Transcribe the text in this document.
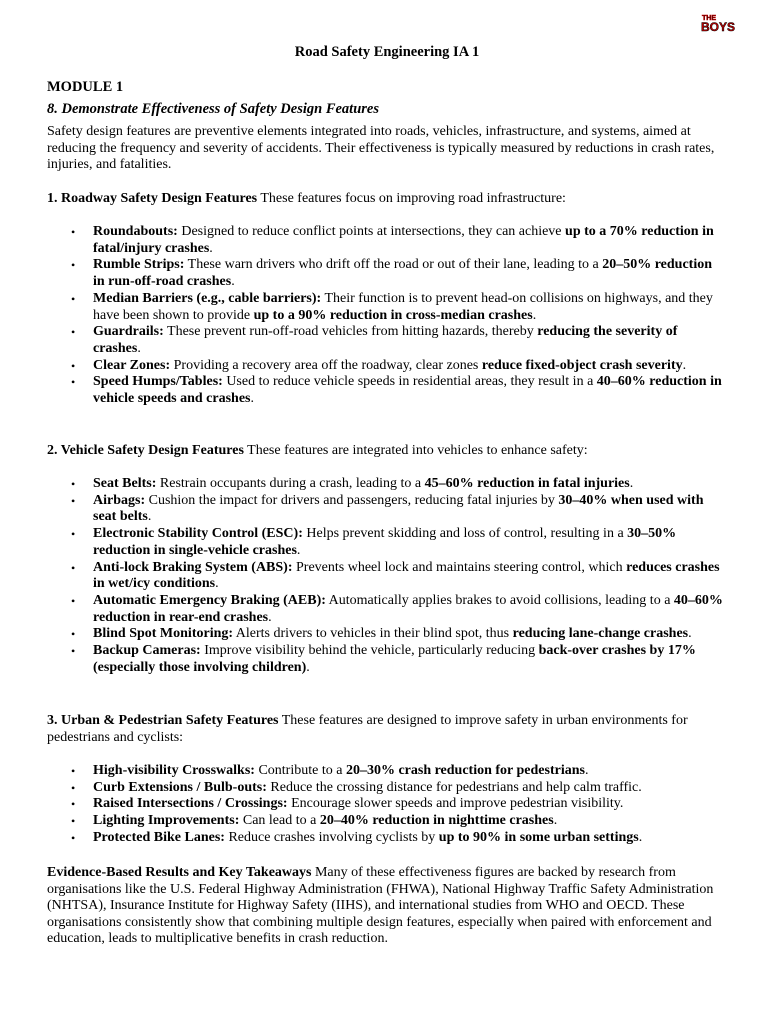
THE
BOYS
Road Safety Engineering IA 1
MODULE 1
8. Demonstrate Effectiveness of Safety Design Features
Safety design features are preventive elements integrated into roads, vehicles, infrastructure, and systems, aimed at reducing the frequency and severity of accidents. Their effectiveness is typically measured by reductions in crash rates, injuries, and fatalities.
1. Roadway Safety Design Features These features focus on improving road infrastructure:
• Roundabouts: Designed to reduce conflict points at intersections, they can achieve up to a 70% reduction in fatal/injury crashes.
• Rumble Strips: These warn drivers who drift off the road or out of their lane, leading to a 20–50% reduction in run-off-road crashes.
• Median Barriers (e.g., cable barriers): Their function is to prevent head-on collisions on highways, and they have been shown to provide up to a 90% reduction in cross-median crashes.
• Guardrails: These prevent run-off-road vehicles from hitting hazards, thereby reducing the severity of crashes.
• Clear Zones: Providing a recovery area off the roadway, clear zones reduce fixed-object crash severity.
• Speed Humps/Tables: Used to reduce vehicle speeds in residential areas, they result in a 40–60% reduction in vehicle speeds and crashes.
2. Vehicle Safety Design Features These features are integrated into vehicles to enhance safety:
• Seat Belts: Restrain occupants during a crash, leading to a 45–60% reduction in fatal injuries.
• Airbags: Cushion the impact for drivers and passengers, reducing fatal injuries by 30–40% when used with seat belts.
• Electronic Stability Control (ESC): Helps prevent skidding and loss of control, resulting in a 30–50% reduction in single-vehicle crashes.
• Anti-lock Braking System (ABS): Prevents wheel lock and maintains steering control, which reduces crashes in wet/icy conditions.
• Automatic Emergency Braking (AEB): Automatically applies brakes to avoid collisions, leading to a 40–60% reduction in rear-end crashes.
• Blind Spot Monitoring: Alerts drivers to vehicles in their blind spot, thus reducing lane-change crashes.
• Backup Cameras: Improve visibility behind the vehicle, particularly reducing back-over crashes by 17% (especially those involving children).
3. Urban & Pedestrian Safety Features These features are designed to improve safety in urban environments for pedestrians and cyclists:
• High-visibility Crosswalks: Contribute to a 20–30% crash reduction for pedestrians.
• Curb Extensions / Bulb-outs: Reduce the crossing distance for pedestrians and help calm traffic.
• Raised Intersections / Crossings: Encourage slower speeds and improve pedestrian visibility.
• Lighting Improvements: Can lead to a 20–40% reduction in nighttime crashes.
• Protected Bike Lanes: Reduce crashes involving cyclists by up to 90% in some urban settings.
Evidence-Based Results and Key Takeaways Many of these effectiveness figures are backed by research from organisations like the U.S. Federal Highway Administration (FHWA), National Highway Traffic Safety Administration (NHTSA), Insurance Institute for Highway Safety (IIHS), and international studies from WHO and OECD. These organisations consistently show that combining multiple design features, especially when paired with enforcement and education, leads to multiplicative benefits in crash reduction.
